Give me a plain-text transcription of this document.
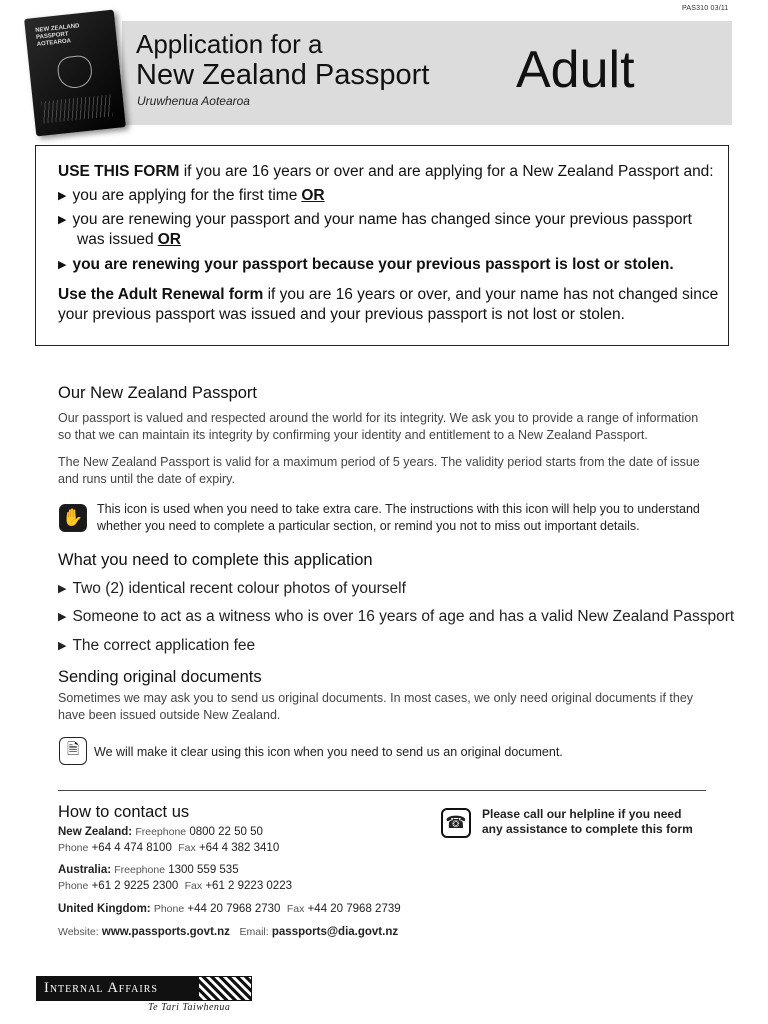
PAS310 03/11
NEW ZEALAND
PASSPORT
AOTEAROA	Application for a
New Zealand Passport
Uruwhenua Aotearoa
Adult
USE THIS FORM if you are 16 years or over and are applying for a New Zealand Passport and:
▶ you are applying for the first time OR
▶ you are renewing your passport and your name has changed since your previous passport
was issued OR
▶ you are renewing your passport because your previous passport is lost or stolen.
Use the Adult Renewal form if you are 16 years or over, and your name has not changed since
your previous passport was issued and your previous passport is not lost or stolen.
Our New Zealand Passport
Our passport is valued and respected around the world for its integrity. We ask you to provide a range of information
so that we can maintain its integrity by confirming your identity and entitlement to a New Zealand Passport.
The New Zealand Passport is valid for a maximum period of 5 years. The validity period starts from the date of issue
and runs until the date of expiry.
✋ This icon is used when you need to take extra care. The instructions with this icon will help you to understand
whether you need to complete a particular section, or remind you not to miss out important details.
What you need to complete this application
▶ Two (2) identical recent colour photos of yourself
▶ Someone to act as a witness who is over 16 years of age and has a valid New Zealand Passport
▶ The correct application fee
Sending original documents
Sometimes we may ask you to send us original documents. In most cases, we only need original documents if they
have been issued outside New Zealand.
🗎	We will make it clear using this icon when you need to send us an original document.
How to contact us
New Zealand: Freephone 0800 22 50 50
Phone +64 4 474 8100 Fax +64 4 382 3410
Australia: Freephone 1300 559 535
Phone +61 2 9225 2300 Fax +61 2 9223 0223
United Kingdom: Phone +44 20 7968 2730 Fax +44 20 7968 2739
Website: www.passports.govt.nz Email: passports@dia.govt.nz
☎	Please call our helpline if you need
any assistance to complete this form
Internal Affairs
Te Tari Taiwhenua
